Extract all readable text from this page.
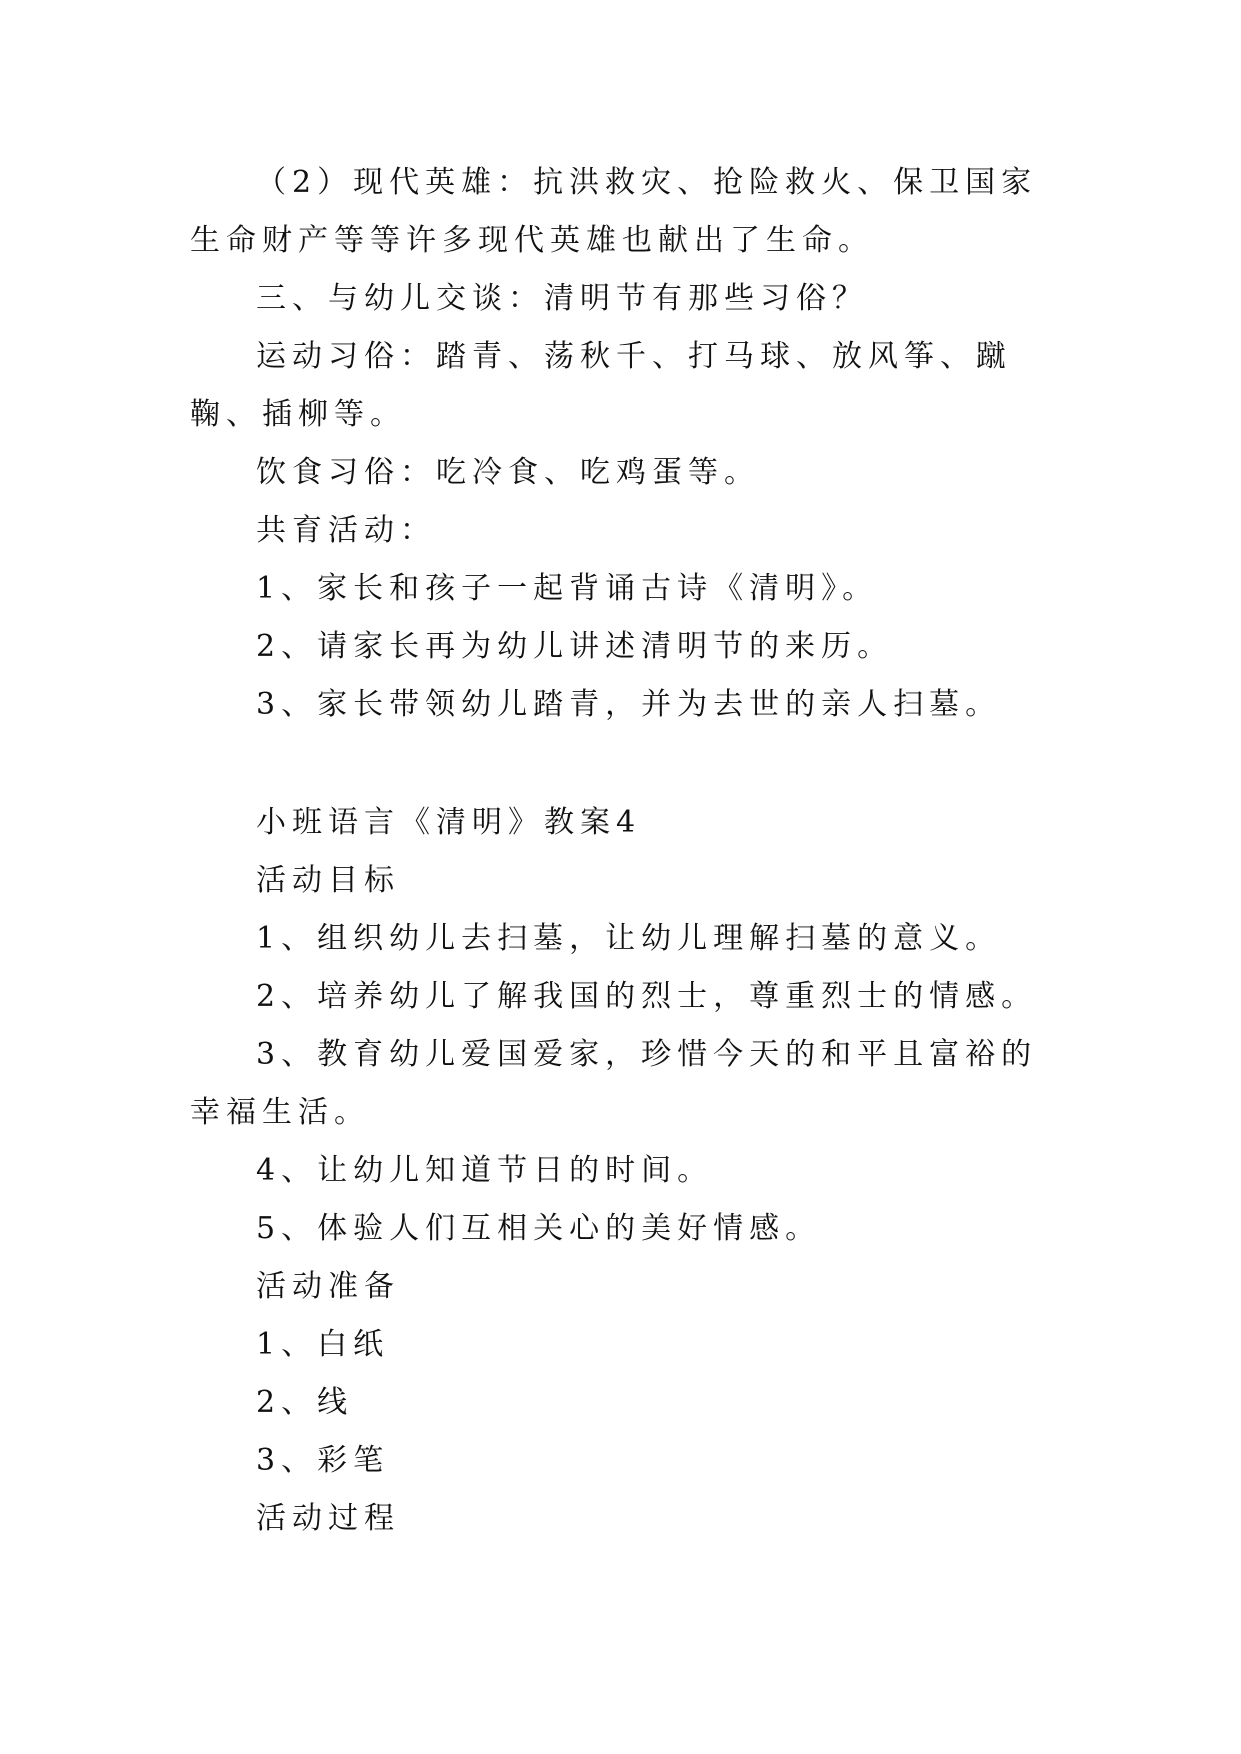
（2）现代英雄：抗洪救灾、抢险救火、保卫国家生命财产等等许多现代英雄也献出了生命。

三、与幼儿交谈：清明节有那些习俗？

运动习俗：踏青、荡秋千、打马球、放风筝、蹴鞠、插柳等。

饮食习俗：吃冷食、吃鸡蛋等。

共育活动：

1、家长和孩子一起背诵古诗《清明》。

2、请家长再为幼儿讲述清明节的来历。

3、家长带领幼儿踏青，并为去世的亲人扫墓。

小班语言《清明》教案4

活动目标

1、组织幼儿去扫墓，让幼儿理解扫墓的意义。

2、培养幼儿了解我国的烈士，尊重烈士的情感。

3、教育幼儿爱国爱家，珍惜今天的和平且富裕的幸福生活。

4、让幼儿知道节日的时间。

5、体验人们互相关心的美好情感。

活动准备

1、白纸

2、线

3、彩笔

活动过程
